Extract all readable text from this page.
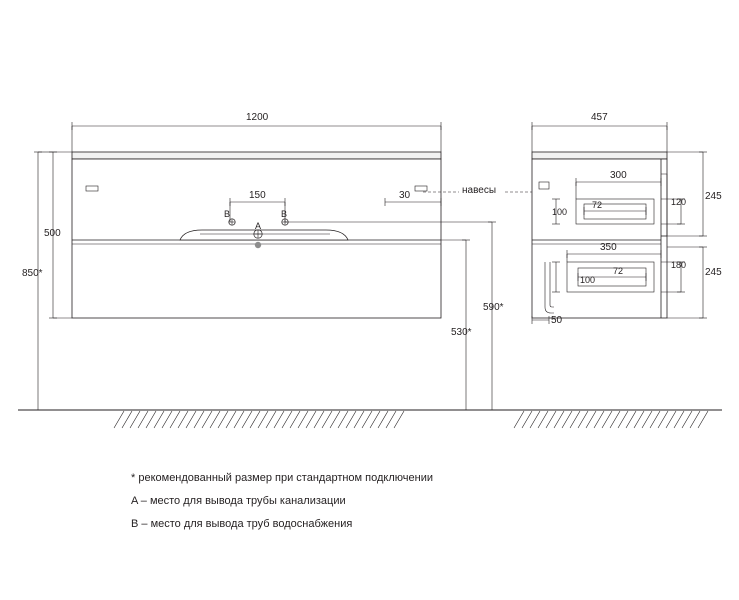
1200	457
150	30
500
850*
590*
530*
B	B
A
навесы
300
72
100
120 245
350
72
100
180
245
50
* рекомендованный размер при стандартном подключении
A – место для вывода трубы канализации
B – место для вывода труб водоснабжения
